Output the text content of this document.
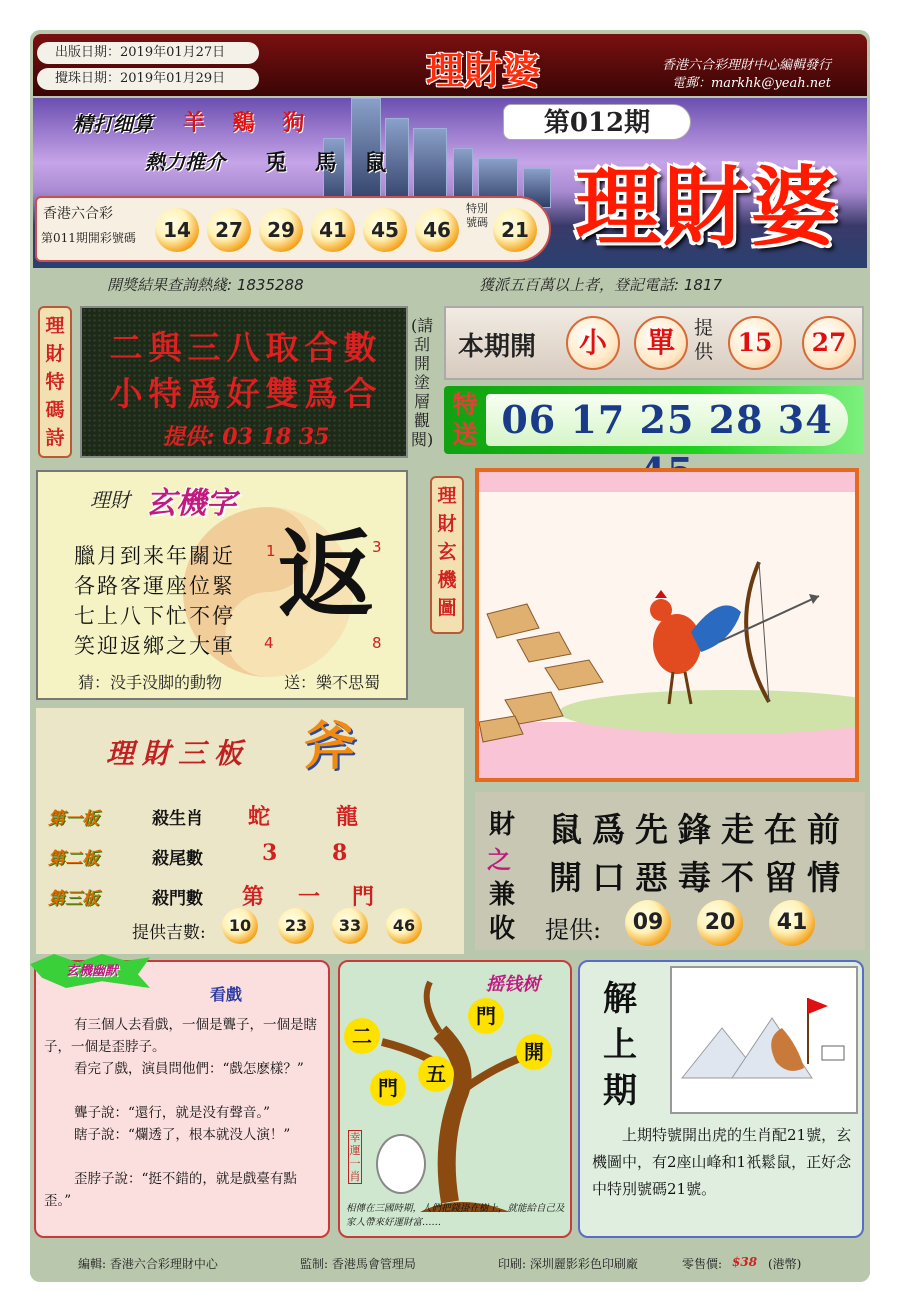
出版日期：2019年01月27日
攪珠日期：2019年01月29日	理財婆	香港六合彩理財中心編輯發行
電郵：markhk@yeah.net
精打细算 羊 鷄 狗
熱力推介 兎 馬 鼠
第012期
理財婆
香港六合彩
第011期開彩號碼	14	27	29	41	45	46
特別號碼 21
開獎結果查詢熱綫: 1835288	獲派五百萬以上者，登記電話: 1817
理財特碼詩
二與三八取合數
小特爲好雙爲合
提供: 03 18 35
(請刮開塗層觀閱)
本期開	小	單	提供 15	27
特送 06 17 25 28 34
理財 玄機字
臘月到来年關近
各路客運座位緊
七上八下忙不停
笑迎返鄉之大軍
返
1	3
4	8
猜：没手没脚的動物	送：樂不思蜀
理財玄機圖
理財三板 斧
第一板	殺生肖 蛇	龍
第二板	殺尾數	3 8
第三板	殺門數 第 一 門
提供吉數:	10	23	33	46
財
之
兼
收
鼠爲先鋒走在前
開口惡毒不留情
提供:	09	20	41
玄機幽默
看戲
有三個人去看戲，一個是聾子，一個是瞎子，一個是歪脖子。
看完了戲，演員問他們：“戲怎麽樣？”
聾子說：“還行，就是没有聲音。”
瞎子說：“爛透了，根本就没人演！”
歪脖子說：“挺不錯的，就是戲臺有點歪。”
摇钱树
二
門
開
五
門
幸運一肖
相傳在三國時期，人們把錢掛在樹上，就能給自己及家人帶來好運財富……
解上期
上期特號開出虎的生肖配21號，玄機圖中，有2座山峰和1衹鬆鼠，正好念中特別號碼21號。
編輯: 香港六合彩理財中心	監制: 香港馬會管理局	印刷: 深圳麗影彩色印刷廠	零售價: $38 (港幣)
